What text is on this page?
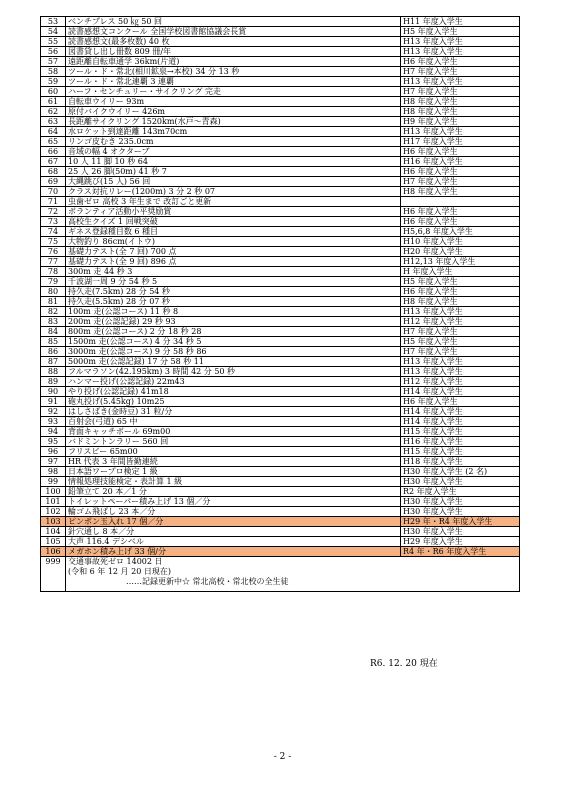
53	ベンチプレス 50 ㎏ 50 回	H11 年度入学生
54	読書感想文コンクール 全国学校図書館協議会長賞	H5 年度入学生
55	読書感想文(最多枚数) 40 枚	H13 年度入学生
56	図書貸し出し冊数 809 冊/年	H13 年度入学生
57	遠距離自転車通学 36km(片道)	H6 年度入学生
58	ツール・ド・常北(相川鉱泉→本校) 34 分 13 秒	H7 年度入学生
59	ツール・ド・常北連覇 3 連覇	H13 年度入学生
60	ハーフ・センチュリー・サイクリング 完走	H7 年度入学生
61	自転車ウイリー 93m	H8 年度入学生
62	原付バイクウイリー 426m	H8 年度入学生
63	長距離サイクリング 1520km(水戸～青森)	H9 年度入学生
64	水ロケット到達距離 143m70cm	H13 年度入学生
65	リンゴ皮むき 235.0cm	H17 年度入学生
66	音域の幅 4 オクターブ	H6 年度入学生
67	10 人 11 脚 10 秒 64	H16 年度入学生
68	25 人 26 脚(50m) 41 秒 7	H6 年度入学生
69	大縄跳び(15 人) 56 回	H7 年度入学生
70	クラス対抗リレー(1200m) 3 分 2 秒 07	H8 年度入学生
71	虫歯ゼロ 高校 3 年生まで 改訂ごと更新	
72	ボランティア活動小平奨励賞	H6 年度入学生
73	高校生クイズ 1 回戦突破	H6 年度入学生
74	ギネス登録種目数 6 種目	H5,6,8 年度入学生
75	大物釣り 86cm(イトウ)	H10 年度入学生
76	基礎力テスト(全 7 回) 700 点	H20 年度入学生
77	基礎力テスト(全 9 回) 896 点	H12,13 年度入学生
78	300m 走 44 秒 3	H 年度入学生
79	千波湖一周 9 分 54 秒 5	H5 年度入学生
80	持久走(7.5km) 28 分 54 秒	H6 年度入学生
81	持久走(5.5km) 28 分 07 秒	H8 年度入学生
82	100m 走(公認コース) 11 秒 8	H13 年度入学生
83	200m 走(公認記録) 29 秒 93	H12 年度入学生
84	800m 走(公認コース) 2 分 18 秒 28	H7 年度入学生
85	1500m 走(公認コース) 4 分 34 秒 5	H5 年度入学生
86	3000m 走(公認コース) 9 分 58 秒 86	H7 年度入学生
87	5000m 走(公認記録) 17 分 58 秒 11	H13 年度入学生
88	フルマラソン(42.195km) 3 時間 42 分 50 秒	H13 年度入学生
89	ハンマー投げ(公認記録) 22m43	H12 年度入学生
90	やり投げ(公認記録) 41m18	H14 年度入学生
91	砲丸投げ(5.45kg) 10m25	H6 年度入学生
92	はしさばき(金時豆) 31 粒/分	H14 年度入学生
93	百射会(弓道) 65 中	H14 年度入学生
94	背面キャッチボール 69m00	H15 年度入学生
95	バドミントンラリー 560 回	H16 年度入学生
96	フリスビー 65m00	H15 年度入学生
97	HR 代表 3 年間皆勤連続	H18 年度入学生
98	日本語ワープロ検定 1 級	H30 年度入学生 (2 名)
99	情報処理技能検定・表計算 1 級	H30 年度入学生
100	鉛筆立て 20 本／1 分	R2 年度入学生
101	トイレットペーパー積み上げ 13 個／分	H30 年度入学生
102	輪ゴム飛ばし 23 本／分	H30 年度入学生
103	ピンポン玉入れ 17 個／分	H29 年・R4 年度入学生
104	針穴通し 8 本／分	H30 年度入学生
105	大声 116.4 デシベル	H29 年度入学生
106	メガホン積み上げ 33 個/分	R4 年・R6 年度入学生
999	交通事故死ゼロ 14002 日
(令和 6 年 12 月 20 日現在)
……記録更新中☆ 常北高校・常北校の全生徒	
R6. 12. 20 現在
- 2 -
